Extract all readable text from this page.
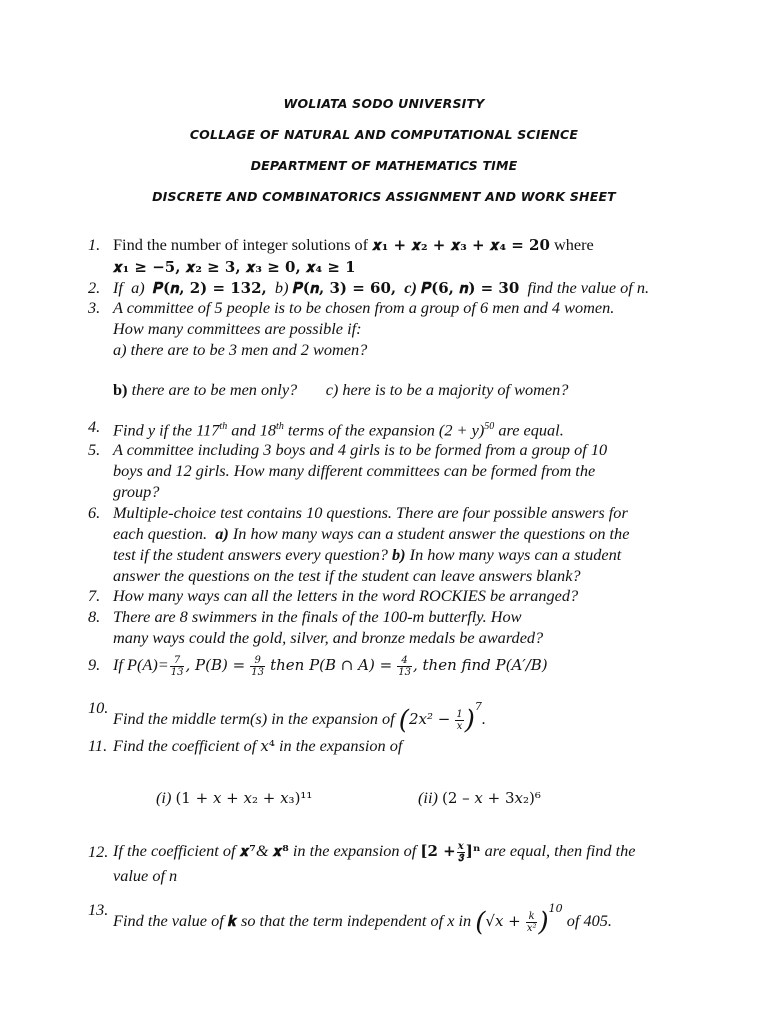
WOLIATA SODO UNIVERSITY
COLLAGE OF NATURAL AND COMPUTATIONAL SCIENCE
DEPARTMENT OF MATHEMATICS TIME
DISCRETE AND COMBINATORICS ASSIGNMENT AND WORK SHEET
1. Find the number of integer solutions of 𝒙₁ + 𝒙₂ + 𝒙₃ + 𝒙₄ = 𝟐𝟎 where
𝒙₁ ≥ −𝟓, 𝒙₂ ≥ 𝟑, 𝒙₃ ≥ 𝟎, 𝒙₄ ≥ 𝟏
2. If a) 𝑷(𝒏, 𝟐) = 𝟏𝟑𝟐, b) 𝑷(𝒏, 𝟑) = 𝟔𝟎, c) 𝑷(𝟔, 𝒏) = 𝟑𝟎 find the value of n.
3. A committee of 5 people is to be chosen from a group of 6 men and 4 women.
How many committees are possible if:
a) there are to be 3 men and 2 women?
b) there are to be men only? c) here is to be a majority of women?
4. Find y if the 117th and 18th terms of the expansion $(2 + y)^{50}$ are equal.
5. A committee including 3 boys and 4 girls is to be formed from a group of 10
boys and 12 girls. How many different committees can be formed from the
group?
6. Multiple-choice test contains 10 questions. There are four possible answers for
each question. a) In how many ways can a student answer the questions on the
test if the student answers every question? b) In how many ways can a student
answer the questions on the test if the student can leave answers blank?
7. How many ways can all the letters in the word ROCKIES be arranged?
8. There are 8 swimmers in the finals of the 100-m butterfly. How
many ways could the gold, silver, and bronze medals be awarded?
9. If $P(A)= \frac{7}{13}$ , 𝑃(𝐵) = $\frac{9}{13}$ then 𝑃(𝐵 ∩ 𝐴) = $\frac{4}{13}$ , then find 𝑃(𝐴′/𝐵)
10.
Find the middle term(s) in the expansion of (2𝑥² − $\frac{1}{\text{𝑥}} )^7$.
11. Find the coefficient of 𝑥⁴ in the expansion of
(i) (1 + 𝑥 + 𝑥₂ + 𝑥₃)¹¹	(ii) (2 – 𝑥 + 3𝑥₂)⁶
12. If the coefficient of 𝒙⁷& 𝒙⁸ in the expansion of [𝟐 + $\frac{\text{𝒙}}{𝟑} ]^n$ are equal, then find the
value of n
13.
Find the value of 𝒌 so that the term independent of x in (√𝑥 + $\frac{\text{𝑘}}{\text{𝑥²}} )^{10}$ of 405.
